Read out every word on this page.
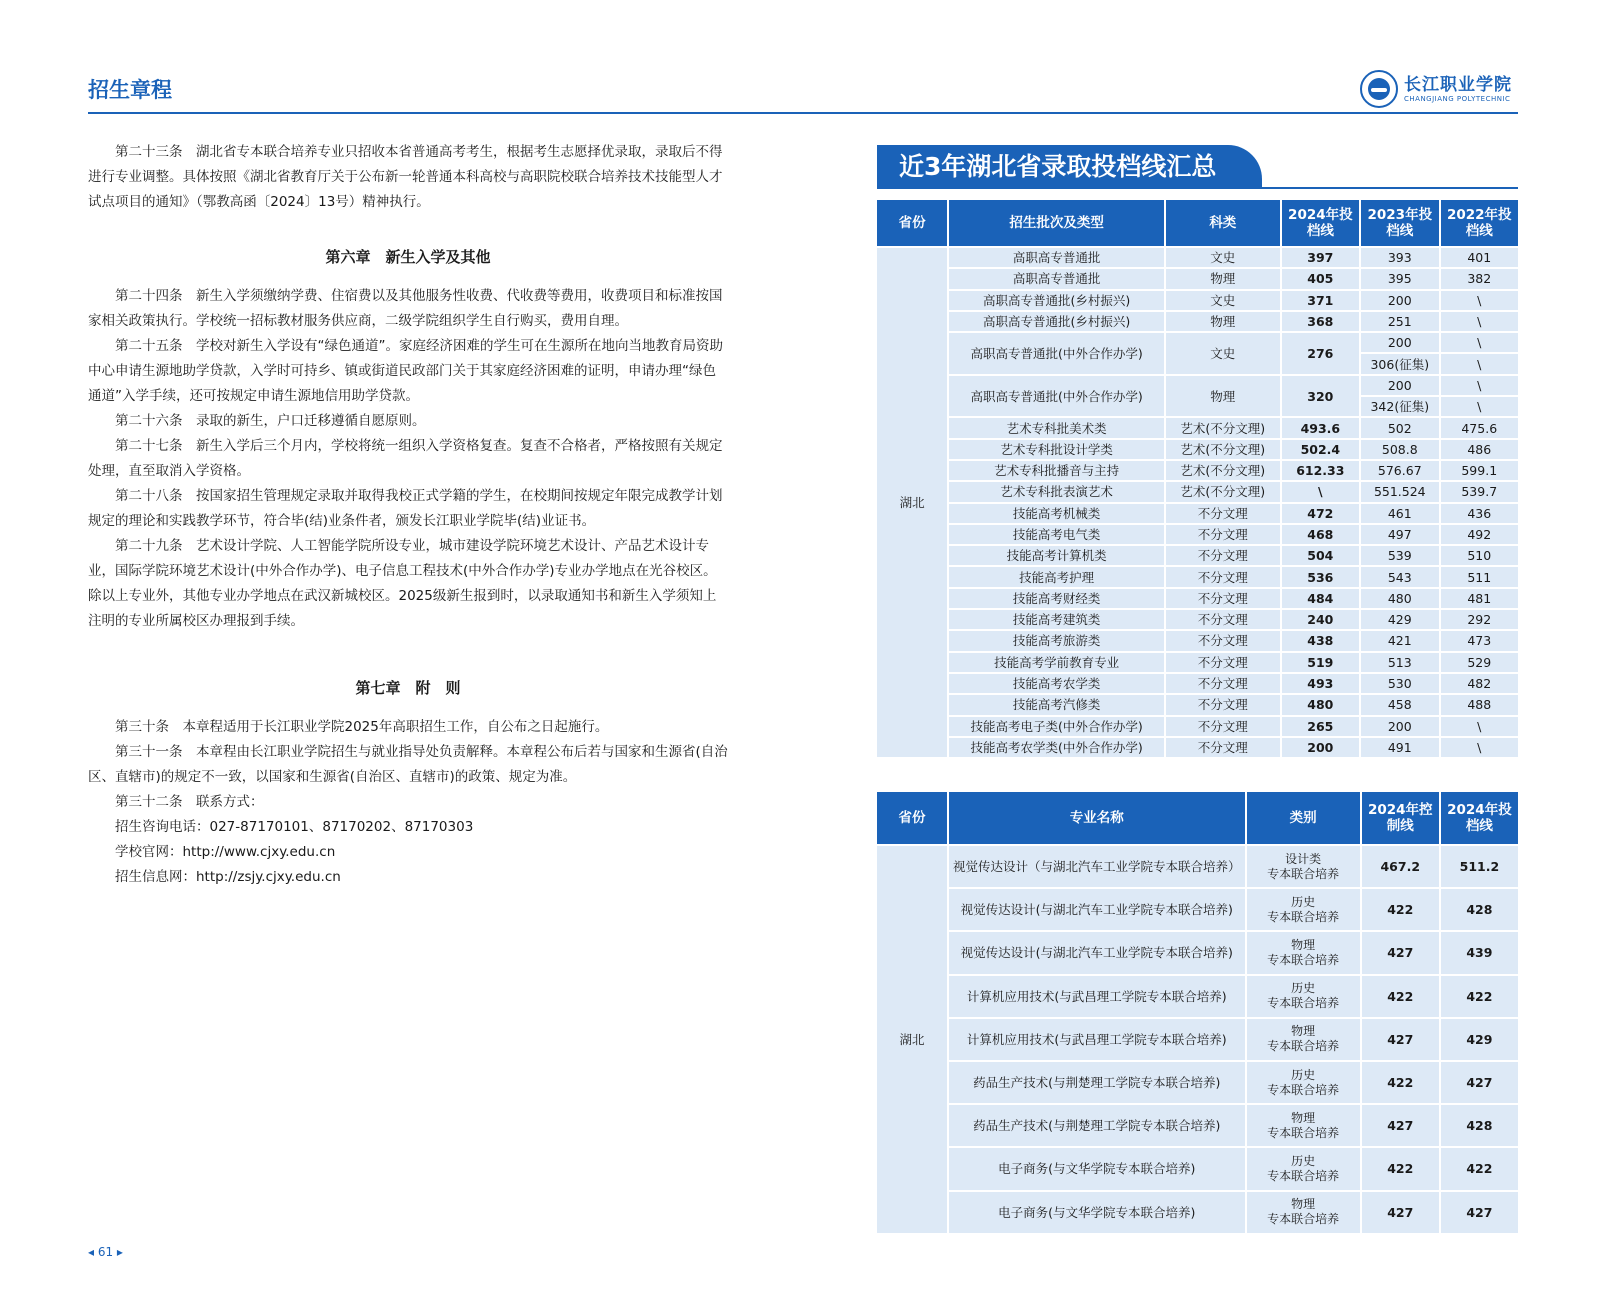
招生章程	长江职业学院
CHANGJIANG POLYTECHNIC

第二十三条　湖北省专本联合培养专业只招收本省普通高考考生，根据考生志愿择优录取，录取后不得进行专业调整。具体按照《湖北省教育厅关于公布新一轮普通本科高校与高职院校联合培养技术技能型人才试点项目的通知》（鄂教高函〔2024〕13号）精神执行。

第六章　新生入学及其他

第二十四条　新生入学须缴纳学费、住宿费以及其他服务性收费、代收费等费用，收费项目和标准按国家相关政策执行。学校统一招标教材服务供应商，二级学院组织学生自行购买，费用自理。

第二十五条　学校对新生入学设有“绿色通道”。家庭经济困难的学生可在生源所在地向当地教育局资助中心申请生源地助学贷款，入学时可持乡、镇或街道民政部门关于其家庭经济困难的证明，申请办理“绿色通道”入学手续，还可按规定申请生源地信用助学贷款。

第二十六条　录取的新生，户口迁移遵循自愿原则。

第二十七条　新生入学后三个月内，学校将统一组织入学资格复查。复查不合格者，严格按照有关规定处理，直至取消入学资格。

第二十八条　按国家招生管理规定录取并取得我校正式学籍的学生，在校期间按规定年限完成教学计划规定的理论和实践教学环节，符合毕(结)业条件者，颁发长江职业学院毕(结)业证书。

第二十九条　艺术设计学院、人工智能学院所设专业，城市建设学院环境艺术设计、产品艺术设计专业，国际学院环境艺术设计(中外合作办学)、电子信息工程技术(中外合作办学)专业办学地点在光谷校区。除以上专业外，其他专业办学地点在武汉新城校区。2025级新生报到时，以录取通知书和新生入学须知上注明的专业所属校区办理报到手续。

第七章　附　则

第三十条　本章程适用于长江职业学院2025年高职招生工作，自公布之日起施行。

第三十一条　本章程由长江职业学院招生与就业指导处负责解释。本章程公布后若与国家和生源省(自治区、直辖市)的规定不一致，以国家和生源省(自治区、直辖市)的政策、规定为准。

第三十二条　联系方式：

招生咨询电话：027-87170101、87170202、87170303

学校官网：http://www.cjxy.edu.cn

招生信息网：http://zsjy.cjxy.edu.cn

◂ 61 ▸
近3年湖北省录取投档线汇总
省份	招生批次及类型	科类	2024年投档线	2023年投档线	2022年投档线
湖北	高职高专普通批	文史	397	393	401
	高职高专普通批	物理	405	395	382
	高职高专普通批(乡村振兴)	文史	371	200	\
	高职高专普通批(乡村振兴)	物理	368	251	\
	高职高专普通批(中外合作办学)	文史	276	200	\
				306(征集)	\
	高职高专普通批(中外合作办学)	物理	320	200	\
				342(征集)	\
	艺术专科批美术类	艺术(不分文理)	493.6	502	475.6
	艺术专科批设计学类	艺术(不分文理)	502.4	508.8	486
	艺术专科批播音与主持	艺术(不分文理)	612.33	576.67	599.1
	艺术专科批表演艺术	艺术(不分文理)	\	551.524	539.7
	技能高考机械类	不分文理	472	461	436
	技能高考电气类	不分文理	468	497	492
	技能高考计算机类	不分文理	504	539	510
	技能高考护理	不分文理	536	543	511
	技能高考财经类	不分文理	484	480	481
	技能高考建筑类	不分文理	240	429	292
	技能高考旅游类	不分文理	438	421	473
	技能高考学前教育专业	不分文理	519	513	529
	技能高考农学类	不分文理	493	530	482
	技能高考汽修类	不分文理	480	458	488
	技能高考电子类(中外合作办学)	不分文理	265	200	\
	技能高考农学类(中外合作办学)	不分文理	200	491	\
省份	专业名称	类别	2024年控制线	2024年投档线
湖北	视觉传达设计（与湖北汽车工业学院专本联合培养）	设计类
专本联合培养	467.2	511.2
	视觉传达设计(与湖北汽车工业学院专本联合培养)	历史
专本联合培养	422	428
	视觉传达设计(与湖北汽车工业学院专本联合培养)	物理
专本联合培养	427	439
	计算机应用技术(与武昌理工学院专本联合培养)	历史
专本联合培养	422	422
	计算机应用技术(与武昌理工学院专本联合培养)	物理
专本联合培养	427	429
	药品生产技术(与荆楚理工学院专本联合培养)	历史
专本联合培养	422	427
	药品生产技术(与荆楚理工学院专本联合培养)	物理
专本联合培养	427	428
	电子商务(与文华学院专本联合培养)	历史
专本联合培养	422	422
	电子商务(与文华学院专本联合培养)	物理
专本联合培养	427	427
